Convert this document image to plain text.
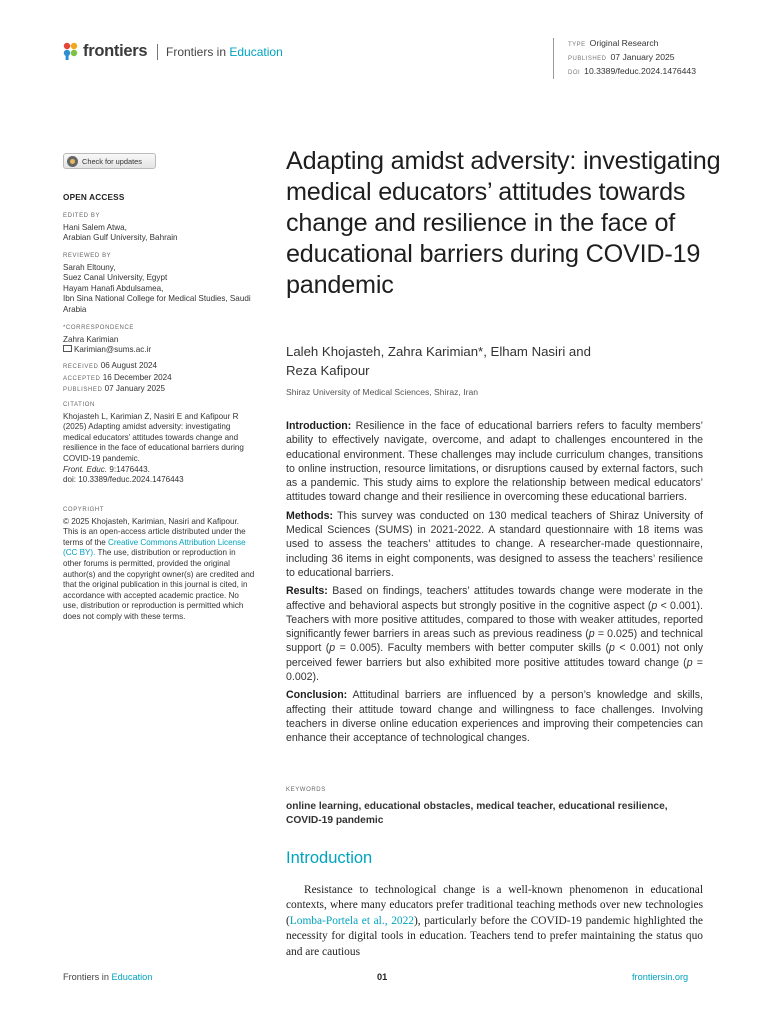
frontiers	Frontiers in Education	TYPE Original Research
PUBLISHED 07 January 2025
DOI 10.3389/feduc.2024.1476443
Check for updates
OPEN ACCESS
EDITED BY
Hani Salem Atwa,
Arabian Gulf University, Bahrain
REVIEWED BY
Sarah Eltouny,
Suez Canal University, Egypt
Hayam Hanafi Abdulsamea,
Ibn Sina National College for Medical Studies, Saudi Arabia
*CORRESPONDENCE
Zahra Karimian
Karimian@sums.ac.ir
RECEIVED 06 August 2024
ACCEPTED 16 December 2024
PUBLISHED 07 January 2025
CITATION
Khojasteh L, Karimian Z, Nasiri E and Kafipour R (2025) Adapting amidst adversity: investigating medical educators’ attitudes towards change and resilience in the face of educational barriers during COVID-19 pandemic.
Front. Educ. 9:1476443.
doi: 10.3389/feduc.2024.1476443
COPYRIGHT
© 2025 Khojasteh, Karimian, Nasiri and Kafipour. This is an open-access article distributed under the terms of the Creative Commons Attribution License (CC BY). The use, distribution or reproduction in other forums is permitted, provided the original author(s) and the copyright owner(s) are credited and that the original publication in this journal is cited, in accordance with accepted academic practice. No use, distribution or reproduction is permitted which does not comply with these terms.
Adapting amidst adversity: investigating medical educators’ attitudes towards change and resilience in the face of educational barriers during COVID-19 pandemic
Laleh Khojasteh, Zahra Karimian*, Elham Nasiri and
Reza Kafipour
Shiraz University of Medical Sciences, Shiraz, Iran

Introduction: Resilience in the face of educational barriers refers to faculty members’ ability to effectively navigate, overcome, and adapt to challenges encountered in the educational environment. These challenges may include curriculum changes, transitions to online instruction, resource limitations, or disruptions caused by external factors, such as a pandemic. This study aims to explore the relationship between medical educators’ attitudes toward change and their resilience in overcoming these educational barriers.

Methods: This survey was conducted on 130 medical teachers of Shiraz University of Medical Sciences (SUMS) in 2021-2022. A standard questionnaire with 18 items was used to assess the teachers’ attitudes to change. A researcher-made questionnaire, including 36 items in eight components, was designed to assess the teachers’ resilience to educational barriers.

Results: Based on findings, teachers’ attitudes towards change were moderate in the affective and behavioral aspects but strongly positive in the cognitive aspect (p < 0.001). Teachers with more positive attitudes, compared to those with weaker attitudes, reported significantly fewer barriers in areas such as previous readiness (p = 0.025) and technical support (p = 0.005). Faculty members with better computer skills (p < 0.001) not only perceived fewer barriers but also exhibited more positive attitudes toward change (p = 0.002).

Conclusion: Attitudinal barriers are influenced by a person’s knowledge and skills, affecting their attitude toward change and willingness to face challenges. Involving teachers in diverse online education experiences and improving their competencies can enhance their acceptance of technological changes.

KEYWORDS
online learning, educational obstacles, medical teacher, educational resilience, COVID-19 pandemic
Introduction
Resistance to technological change is a well-known phenomenon in educational contexts, where many educators prefer traditional teaching methods over new technologies (Lomba-Portela et al., 2022), particularly before the COVID-19 pandemic highlighted the necessity for digital tools in education. Teachers tend to prefer maintaining the status quo and are cautious
Frontiers in Education	01	frontiersin.org
